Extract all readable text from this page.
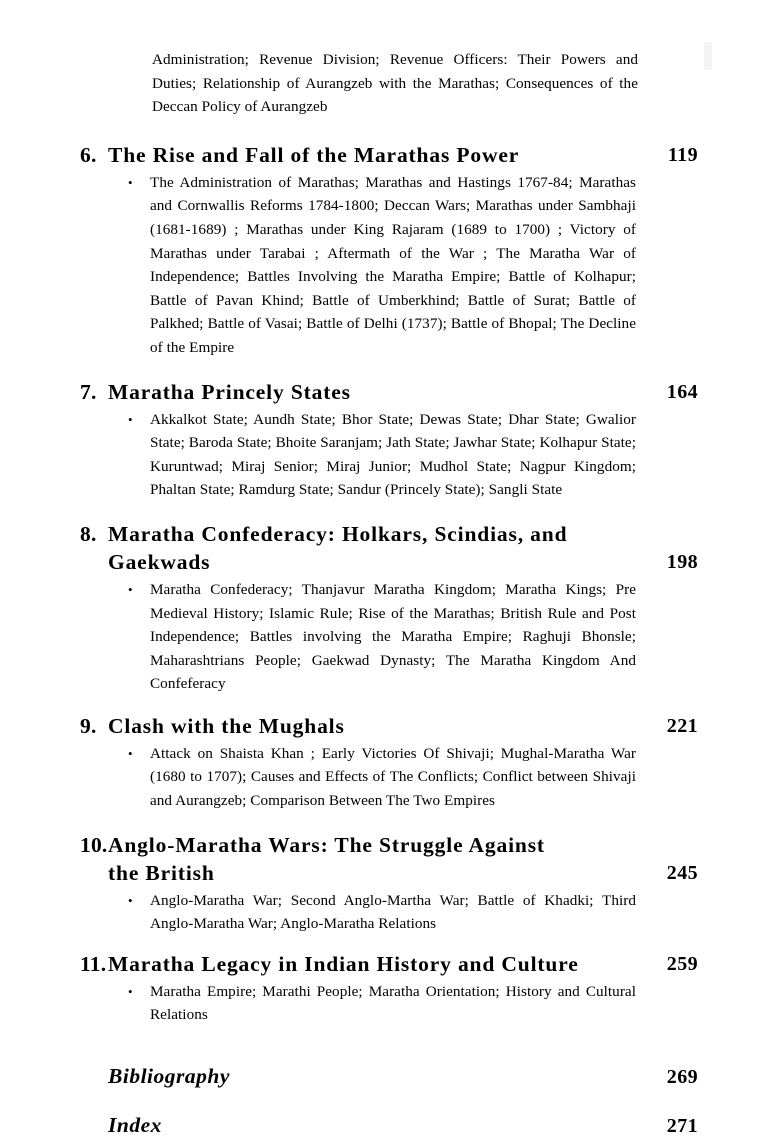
Administration; Revenue Division; Revenue Officers: Their Powers and Duties; Relationship of Aurangzeb with the Marathas; Consequences of the Deccan Policy of Aurangzeb

6. The Rise and Fall of the Marathas Power	119
•	The Administration of Marathas; Marathas and Hastings 1767-84; Marathas and Cornwallis Reforms 1784-1800; Deccan Wars; Marathas under Sambhaji (1681-1689) ; Marathas under King Rajaram (1689 to 1700) ; Victory of Marathas under Tarabai ; Aftermath of the War ; The Maratha War of Independence; Battles Involving the Maratha Empire; Battle of Kolhapur; Battle of Pavan Khind; Battle of Umberkhind; Battle of Surat; Battle of Palkhed; Battle of Vasai; Battle of Delhi (1737); Battle of Bhopal; The Decline of the Empire
7. Maratha Princely States	164
•	Akkalkot State; Aundh State; Bhor State; Dewas State; Dhar State; Gwalior State; Baroda State; Bhoite Saranjam; Jath State; Jawhar State; Kolhapur State; Kuruntwad; Miraj Senior; Miraj Junior; Mudhol State; Nagpur Kingdom; Phaltan State; Ramdurg State; Sandur (Princely State); Sangli State
8. Maratha Confederacy: Holkars, Scindias, and
Gaekwads	198
•	Maratha Confederacy; Thanjavur Maratha Kingdom; Maratha Kings; Pre Medieval History; Islamic Rule; Rise of the Marathas; British Rule and Post Independence; Battles involving the Maratha Empire; Raghuji Bhonsle; Maharashtrians People; Gaekwad Dynasty; The Maratha Kingdom And Confeferacy
9. Clash with the Mughals	221
•	Attack on Shaista Khan ; Early Victories Of Shivaji; Mughal-Maratha War (1680 to 1707); Causes and Effects of The Conflicts; Conflict between Shivaji and Aurangzeb; Comparison Between The Two Empires
10.Anglo-Maratha Wars: The Struggle Against
the British	245
•	Anglo-Maratha War; Second Anglo-Martha War; Battle of Khadki; Third Anglo-Maratha War; Anglo-Maratha Relations
11.Maratha Legacy in Indian History and Culture	259
•	Maratha Empire; Marathi People; Maratha Orientation; History and Cultural Relations
Bibliography	269
Index	271
